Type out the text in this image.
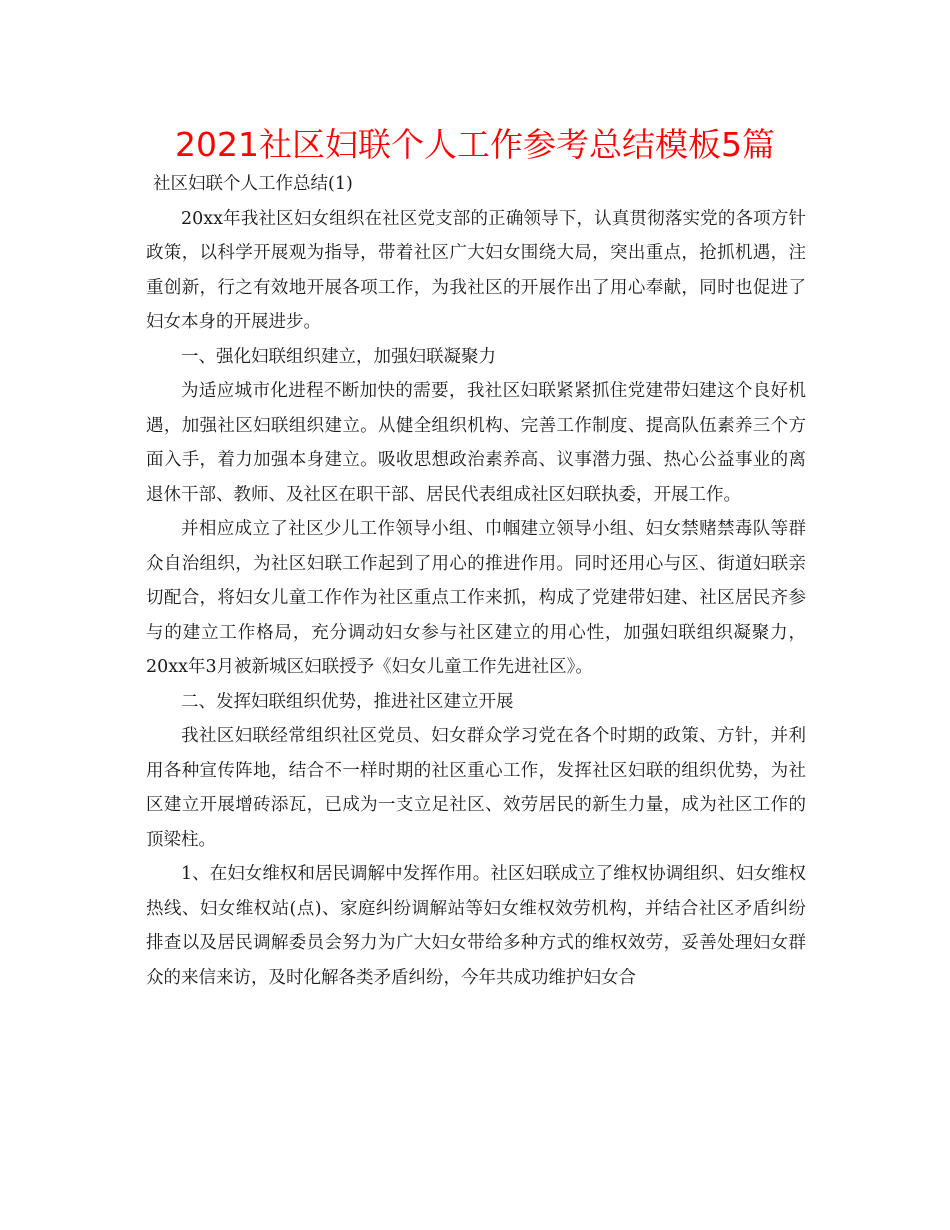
2021社区妇联个人工作参考总结模板5篇

社区妇联个人工作总结(1)

20xx年我社区妇女组织在社区党支部的正确领导下，认真贯彻落实党的各项方针政策，以科学开展观为指导，带着社区广大妇女围绕大局，突出重点，抢抓机遇，注重创新，行之有效地开展各项工作，为我社区的开展作出了用心奉献，同时也促进了妇女本身的开展进步。

一、强化妇联组织建立，加强妇联凝聚力

为适应城市化进程不断加快的需要，我社区妇联紧紧抓住党建带妇建这个良好机遇，加强社区妇联组织建立。从健全组织机构、完善工作制度、提高队伍素养三个方面入手，着力加强本身建立。吸收思想政治素养高、议事潜力强、热心公益事业的离退休干部、教师、及社区在职干部、居民代表组成社区妇联执委，开展工作。

并相应成立了社区少儿工作领导小组、巾帼建立领导小组、妇女禁赌禁毒队等群众自治组织，为社区妇联工作起到了用心的推进作用。同时还用心与区、街道妇联亲切配合，将妇女儿童工作作为社区重点工作来抓，构成了党建带妇建、社区居民齐参与的建立工作格局，充分调动妇女参与社区建立的用心性，加强妇联组织凝聚力，20xx年3月被新城区妇联授予《妇女儿童工作先进社区》。

二、发挥妇联组织优势，推进社区建立开展

我社区妇联经常组织社区党员、妇女群众学习党在各个时期的政策、方针，并利用各种宣传阵地，结合不一样时期的社区重心工作，发挥社区妇联的组织优势，为社区建立开展增砖添瓦，已成为一支立足社区、效劳居民的新生力量，成为社区工作的顶梁柱。

1、在妇女维权和居民调解中发挥作用。社区妇联成立了维权协调组织、妇女维权热线、妇女维权站(点)、家庭纠纷调解站等妇女维权效劳机构，并结合社区矛盾纠纷排查以及居民调解委员会努力为广大妇女带给多种方式的维权效劳，妥善处理妇女群众的来信来访，及时化解各类矛盾纠纷，今年共成功维护妇女合
